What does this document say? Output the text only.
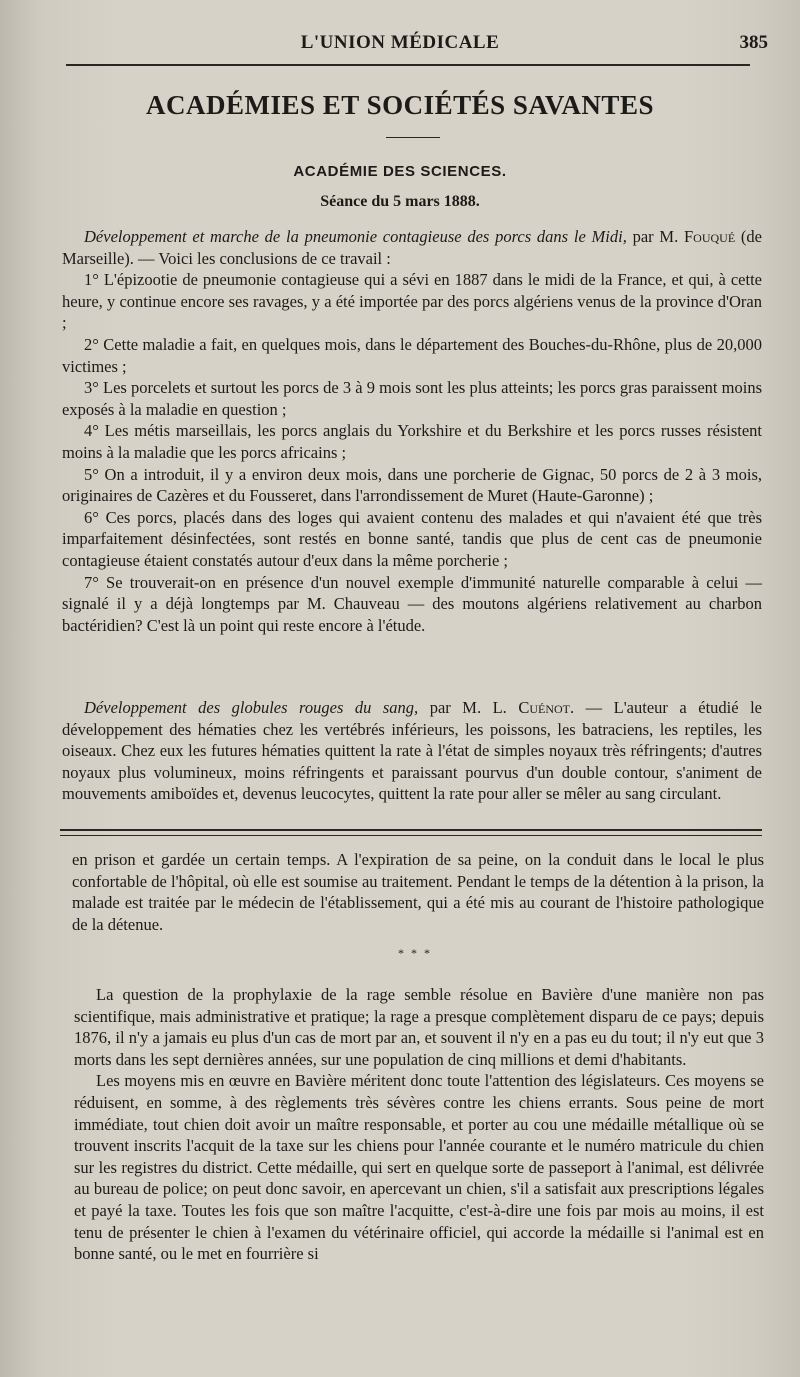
L'UNION MÉDICALE	385
ACADÉMIES ET SOCIÉTÉS SAVANTES
ACADÉMIE DES SCIENCES.
Séance du 5 mars 1888.

Développement et marche de la pneumonie contagieuse des porcs dans le Midi, par M. Fouqué (de Marseille). — Voici les conclusions de ce travail :

1° L'épizootie de pneumonie contagieuse qui a sévi en 1887 dans le midi de la France, et qui, à cette heure, y continue encore ses ravages, y a été importée par des porcs algériens venus de la province d'Oran ;

2° Cette maladie a fait, en quelques mois, dans le département des Bouches-du-Rhône, plus de 20,000 victimes ;

3° Les porcelets et surtout les porcs de 3 à 9 mois sont les plus atteints; les porcs gras paraissent moins exposés à la maladie en question ;

4° Les métis marseillais, les porcs anglais du Yorkshire et du Berkshire et les porcs russes résistent moins à la maladie que les porcs africains ;

5° On a introduit, il y a environ deux mois, dans une porcherie de Gignac, 50 porcs de 2 à 3 mois, originaires de Cazères et du Fousseret, dans l'arrondissement de Muret (Haute-Garonne) ;

6° Ces porcs, placés dans des loges qui avaient contenu des malades et qui n'avaient été que très imparfaitement désinfectées, sont restés en bonne santé, tandis que plus de cent cas de pneumonie contagieuse étaient constatés autour d'eux dans la même porcherie ;

7° Se trouverait-on en présence d'un nouvel exemple d'immunité naturelle comparable à celui — signalé il y a déjà longtemps par M. Chauveau — des moutons algériens relativement au charbon bactéridien? C'est là un point qui reste encore à l'étude.

Développement des globules rouges du sang, par M. L. Cuénot. — L'auteur a étudié le développement des hématies chez les vertébrés inférieurs, les poissons, les batraciens, les reptiles, les oiseaux. Chez eux les futures hématies quittent la rate à l'état de simples noyaux très réfringents; d'autres noyaux plus volumineux, moins réfringents et paraissant pourvus d'un double contour, s'animent de mouvements amiboïdes et, devenus leucocytes, quittent la rate pour aller se mêler au sang circulant.

en prison et gardée un certain temps. A l'expiration de sa peine, on la conduit dans le local le plus confortable de l'hôpital, où elle est soumise au traitement. Pendant le temps de la détention à la prison, la malade est traitée par le médecin de l'établissement, qui a été mis au courant de l'histoire pathologique de la détenue.

* * *

La question de la prophylaxie de la rage semble résolue en Bavière d'une manière non pas scientifique, mais administrative et pratique; la rage a presque complètement disparu de ce pays; depuis 1876, il n'y a jamais eu plus d'un cas de mort par an, et souvent il n'y en a pas eu du tout; il n'y eut que 3 morts dans les sept dernières années, sur une population de cinq millions et demi d'habitants.

Les moyens mis en œuvre en Bavière méritent donc toute l'attention des législateurs. Ces moyens se réduisent, en somme, à des règlements très sévères contre les chiens errants. Sous peine de mort immédiate, tout chien doit avoir un maître responsable, et porter au cou une médaille métallique où se trouvent inscrits l'acquit de la taxe sur les chiens pour l'année courante et le numéro matricule du chien sur les registres du district. Cette médaille, qui sert en quelque sorte de passeport à l'animal, est délivrée au bureau de police; on peut donc savoir, en apercevant un chien, s'il a satisfait aux prescriptions légales et payé la taxe. Toutes les fois que son maître l'acquitte, c'est-à-dire une fois par mois au moins, il est tenu de présenter le chien à l'examen du vétérinaire officiel, qui accorde la médaille si l'animal est en bonne santé, ou le met en fourrière si
